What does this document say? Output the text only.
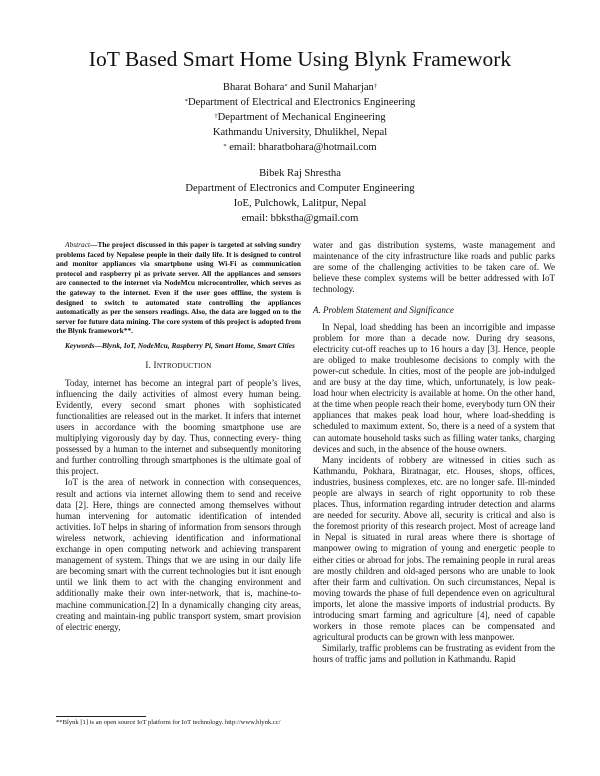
IoT Based Smart Home Using Blynk Framework
Bharat Bohara* and Sunil Maharjan†
*Department of Electrical and Electronics Engineering
†Department of Mechanical Engineering
Kathmandu University, Dhulikhel, Nepal
* email: bharatbohara@hotmail.com
Bibek Raj Shrestha
Department of Electronics and Computer Engineering
IoE, Pulchowk, Lalitpur, Nepal
email: bbkstha@gmail.com

Abstract—The project discussed in this paper is targeted at solving sundry problems faced by Nepalese people in their daily life. It is designed to control and monitor appliances via smartphone using Wi-Fi as communication protocol and raspberry pi as private server. All the appliances and sensors are connected to the internet via NodeMcu microcontroller, which serves as the gateway to the internet. Even if the user goes offline, the system is designed to switch to automated state controlling the appliances automatically as per the sensors readings. Also, the data are logged on to the server for future data mining. The core system of this project is adopted from the Blynk framework**.

Keywords—Blynk, IoT, NodeMcu, Raspberry Pi, Smart Home, Smart Cities

I. INTRODUCTION

Today, internet has become an integral part of people’s lives, influencing the daily activities of almost every human being. Evidently, every second smart phones with sophisticated functionalities are released out in the market. It infers that internet users in accordance with the booming smartphone use are multiplying vigorously day by day. Thus, connecting every- thing possessed by a human to the internet and subsequently monitoring and further controlling through smartphones is the ultimate goal of this project.

IoT is the area of network in connection with consequences, result and actions via internet allowing them to send and receive data [2]. Here, things are connected among themselves without human intervening for automatic identification of intended activities. IoT helps in sharing of information from sensors through wireless network, achieving identification and informational exchange in open computing network and achieving transparent management of system. Things that we are using in our daily life are becoming smart with the current technologies but it isnt enough until we link them to act with the changing environment and additionally make their own inter-network, that is, machine-to-machine communication.[2] In a dynamically changing city areas, creating and maintain-ing public transport system, smart provision of electric energy,

water and gas distribution systems, waste management and maintenance of the city infrastructure like roads and public parks are some of the challenging activities to be taken care of. We believe these complex systems will be better addressed with IoT technology.

A. Problem Statement and Significance

In Nepal, load shedding has been an incorrigible and impasse problem for more than a decade now. During dry seasons, electricity cut-off reaches up to 16 hours a day [3]. Hence, people are obliged to make troublesome decisions to comply with the power-cut schedule. In cities, most of the people are job-indulged and are busy at the day time, which, unfortunately, is low peak-load hour when electricity is available at home. On the other hand, at the time when people reach their home, everybody turn ON their appliances that makes peak load hour, where load-shedding is scheduled to maximum extent. So, there is a need of a system that can automate household tasks such as filling water tanks, charging devices and such, in the absence of the house owners.

Many incidents of robbery are witnessed in cities such as Kathmandu, Pokhara, Biratnagar, etc. Houses, shops, offices, industries, business complexes, etc. are no longer safe. Ill-minded people are always in search of right opportunity to rob these places. Thus, information regarding intruder detection and alarms are needed for security. Above all, security is critical and also is the foremost priority of this research project. Most of acreage land in Nepal is situated in rural areas where there is shortage of manpower owing to migration of young and energetic people to either cities or abroad for jobs. The remaining people in rural areas are mostly children and old-aged persons who are unable to look after their farm and cultivation. On such circumstances, Nepal is moving towards the phase of full dependence even on agricultural imports, let alone the massive imports of industrial products. By introducing smart farming and agriculture [4], need of capable workers in those remote places can be compensated and agricultural products can be grown with less manpower.

Similarly, traffic problems can be frustrating as evident from the hours of traffic jams and pollution in Kathmandu. Rapid

**Blynk [1] is an open source IoT platform for IoT technology. http://www.blynk.cc/
